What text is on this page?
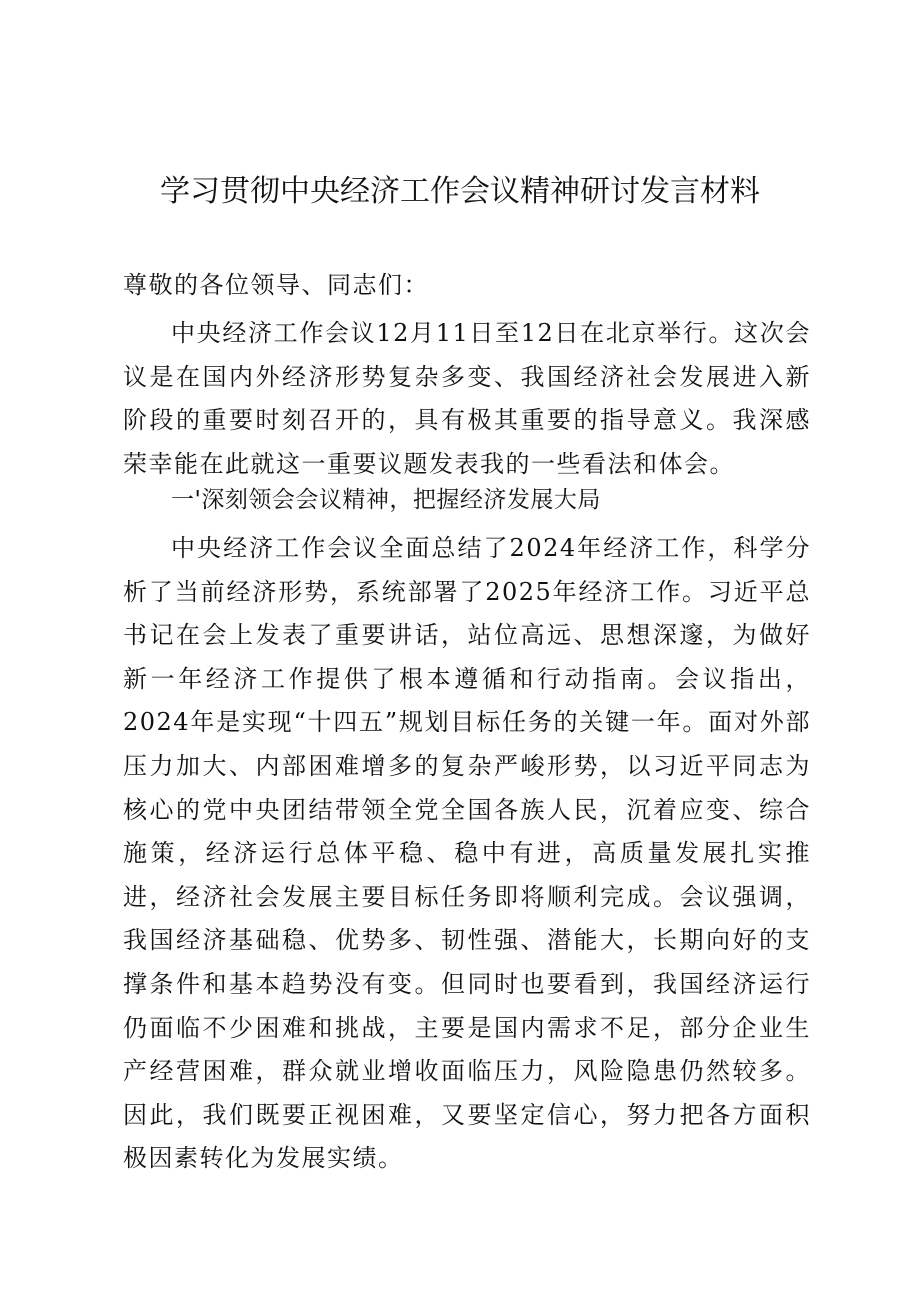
学习贯彻中央经济工作会议精神研讨发言材料
尊敬的各位领导、同志们：
中央经济工作会议12月11日至12日在北京举行。这次会议是在国内外经济形势复杂多变、我国经济社会发展进入新阶段的重要时刻召开的，具有极其重要的指导意义。我深感荣幸能在此就这一重要议题发表我的一些看法和体会。
一'深刻领会会议精神，把握经济发展大局
中央经济工作会议全面总结了2024年经济工作，科学分析了当前经济形势，系统部署了2025年经济工作。习近平总书记在会上发表了重要讲话，站位高远、思想深邃，为做好新一年经济工作提供了根本遵循和行动指南。会议指出，2024年是实现“十四五”规划目标任务的关键一年。面对外部压力加大、内部困难增多的复杂严峻形势，以习近平同志为核心的党中央团结带领全党全国各族人民，沉着应变、综合施策，经济运行总体平稳、稳中有进，高质量发展扎实推进，经济社会发展主要目标任务即将顺利完成。会议强调，我国经济基础稳、优势多、韧性强、潜能大，长期向好的支撑条件和基本趋势没有变。但同时也要看到，我国经济运行仍面临不少困难和挑战，主要是国内需求不足，部分企业生产经营困难，群众就业增收面临压力，风险隐患仍然较多。因此，我们既要正视困难，又要坚定信心，努力把各方面积极因素转化为发展实绩。
